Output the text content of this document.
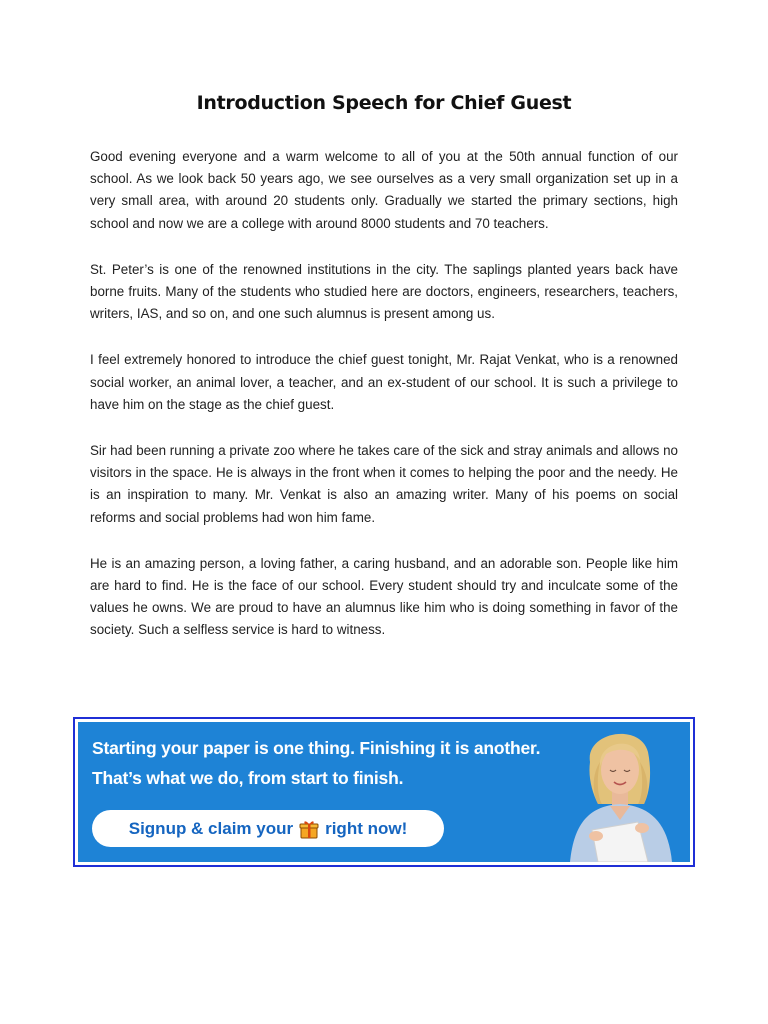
Introduction Speech for Chief Guest

Good evening everyone and a warm welcome to all of you at the 50th annual function of our school. As we look back 50 years ago, we see ourselves as a very small organization set up in a very small area, with around 20 students only. Gradually we started the primary sections, high school and now we are a college with around 8000 students and 70 teachers.

St. Peter’s is one of the renowned institutions in the city. The saplings planted years back have borne fruits. Many of the students who studied here are doctors, engineers, researchers, teachers, writers, IAS, and so on, and one such alumnus is present among us.

I feel extremely honored to introduce the chief guest tonight, Mr. Rajat Venkat, who is a renowned social worker, an animal lover, a teacher, and an ex-student of our school. It is such a privilege to have him on the stage as the chief guest.

Sir had been running a private zoo where he takes care of the sick and stray animals and allows no visitors in the space. He is always in the front when it comes to helping the poor and the needy. He is an inspiration to many. Mr. Venkat is also an amazing writer. Many of his poems on social reforms and social problems had won him fame.

He is an amazing person, a loving father, a caring husband, and an adorable son. People like him are hard to find. He is the face of our school. Every student should try and inculcate some of the values he owns. We are proud to have an alumnus like him who is doing something in favor of the society. Such a selfless service is hard to witness.

Starting your paper is one thing. Finishing it is another.
That’s what we do, from start to finish.
Signup & claim your right now!
